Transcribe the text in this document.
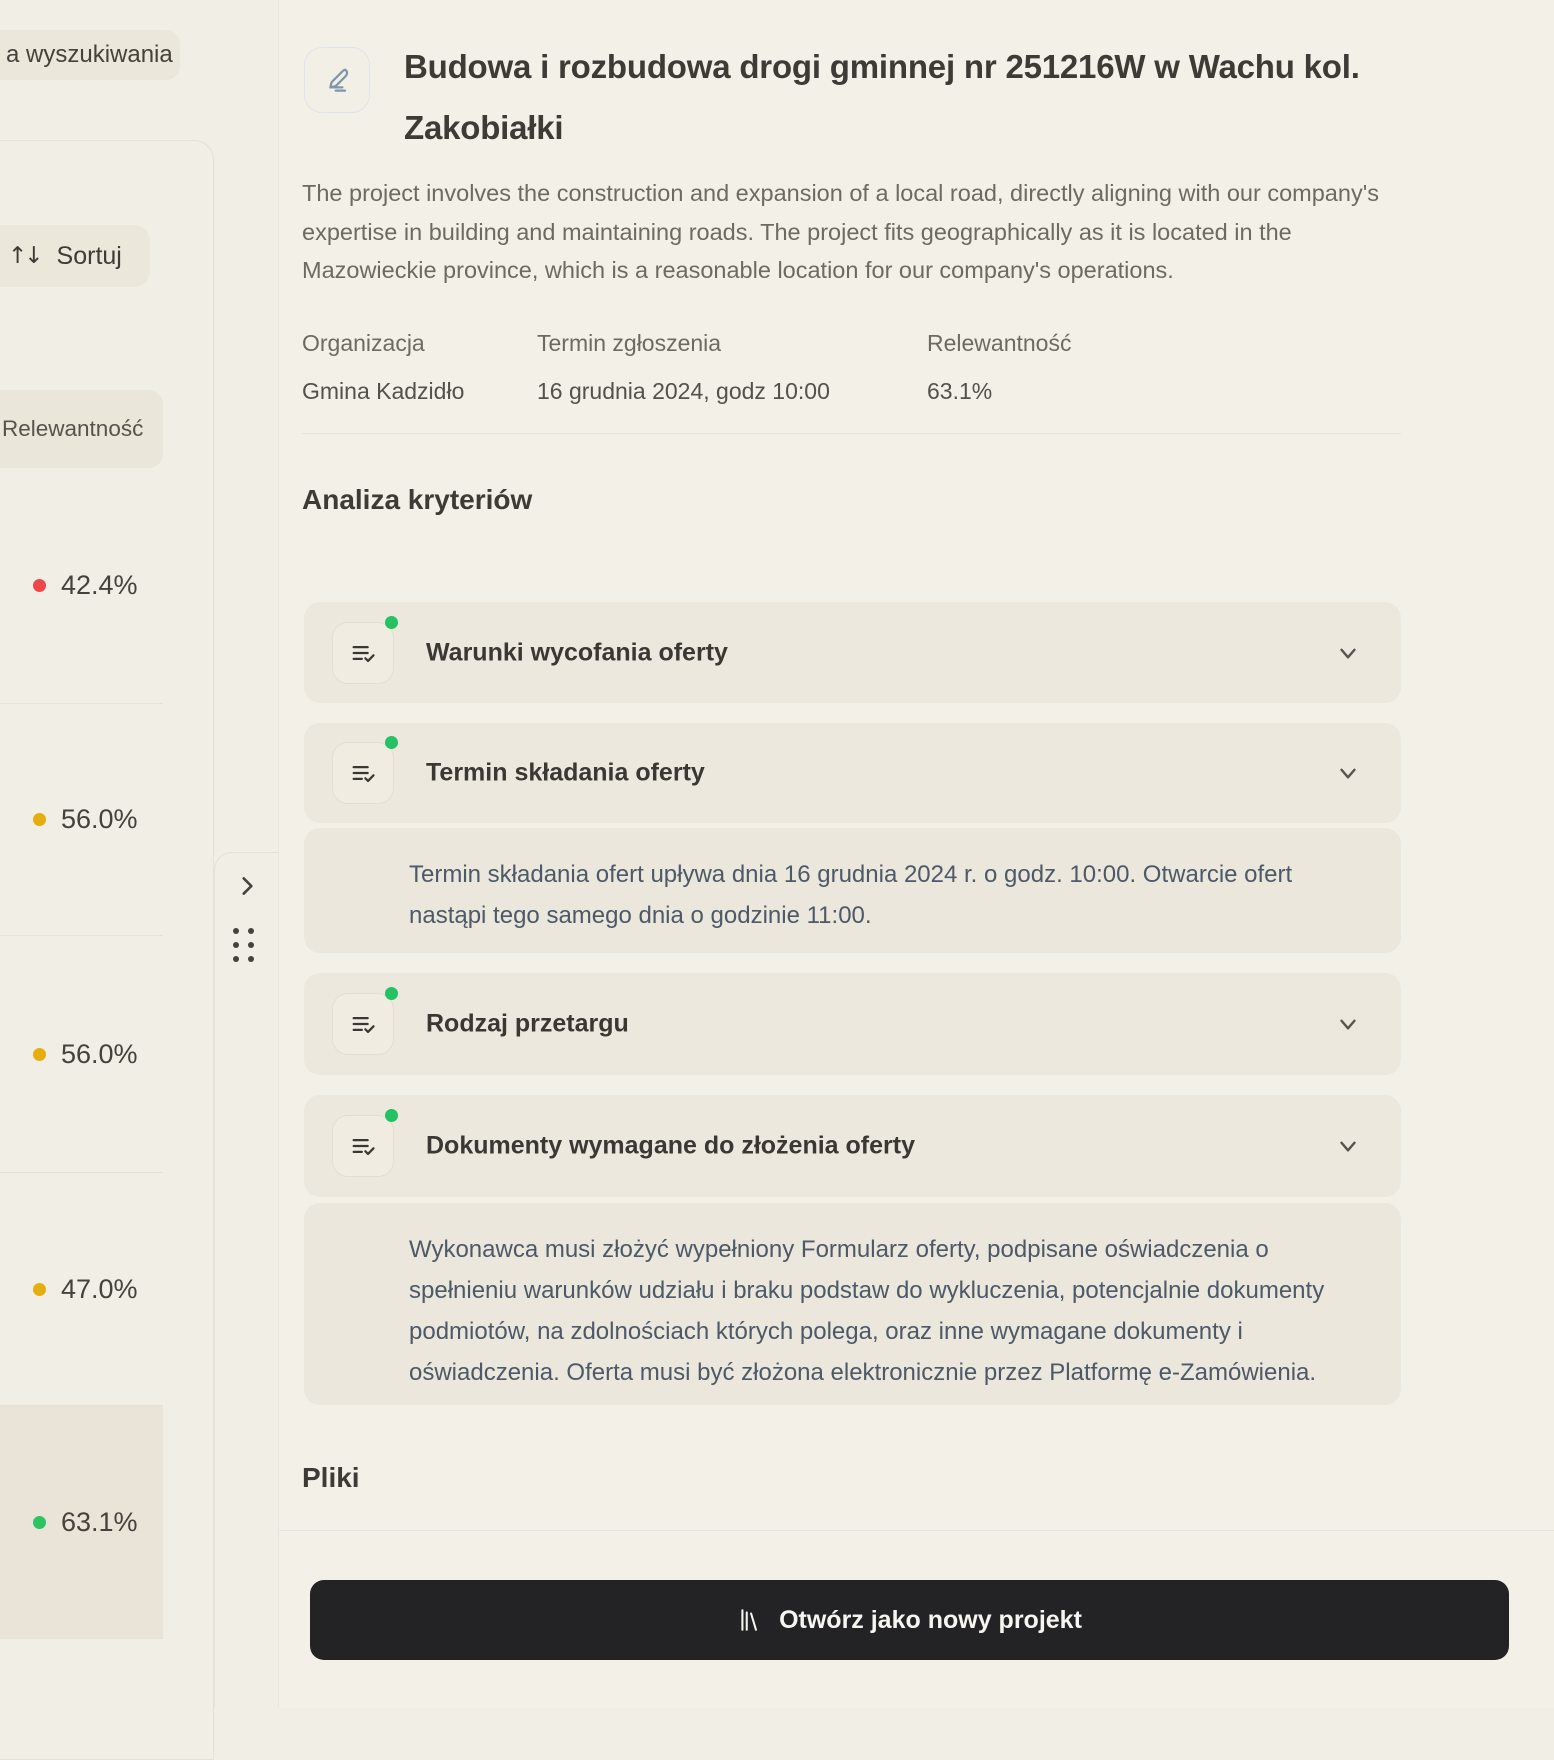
a wyszukiwania
↑↓ Sortuj
Relewantność
42.4%
56.0%
56.0%
47.0%
63.1%
Budowa i rozbudowa drogi gminnej nr 251216W w Wachu kol. Zakobiałki

The project involves the construction and expansion of a local road, directly aligning with our company's expertise in building and maintaining roads. The project fits geographically as it is located in the Mazowieckie province, which is a reasonable location for our company's operations.

Organizacja
Gmina Kadzidło
Termin zgłoszenia
16 grudnia 2024, godz 10:00
Relewantność
63.1%
Analiza kryteriów
Warunki wycofania oferty
Termin składania oferty
Termin składania ofert upływa dnia 16 grudnia 2024 r. o godz. 10:00. Otwarcie ofert nastąpi tego samego dnia o godzinie 11:00.
Rodzaj przetargu
Dokumenty wymagane do złożenia oferty
Wykonawca musi złożyć wypełniony Formularz oferty, podpisane oświadczenia o spełnieniu warunków udziału i braku podstaw do wykluczenia, potencjalnie dokumenty podmiotów, na zdolnościach których polega, oraz inne wymagane dokumenty i oświadczenia. Oferta musi być złożona elektronicznie przez Platformę e-Zamówienia.
Pliki
Otwórz jako nowy projekt
